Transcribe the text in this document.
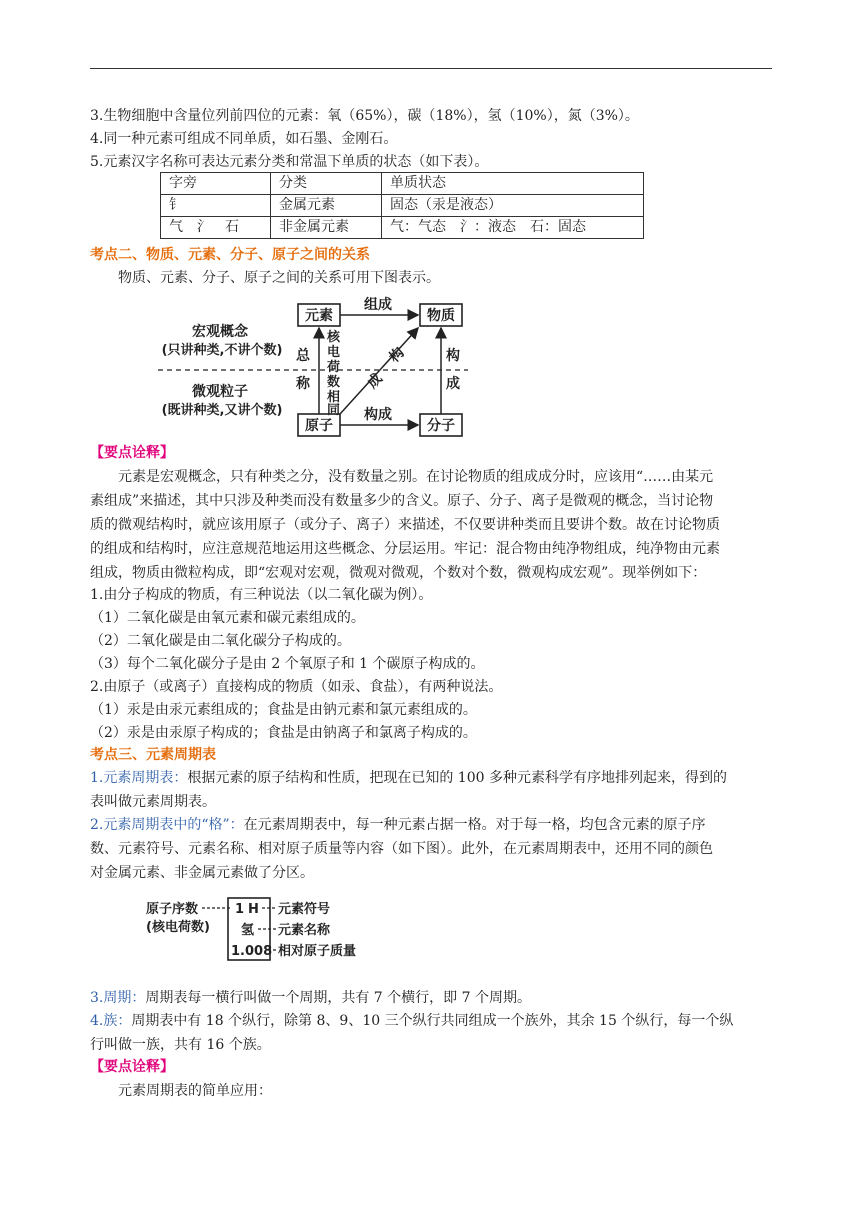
3.生物细胞中含量位列前四位的元素：氧（65%），碳（18%），氢（10%），氮（3%）。
4.同一种元素可组成不同单质，如石墨、金刚石。
5.元素汉字名称可表达元素分类和常温下单质的状态（如下表）。
字旁	分类	单质状态
钅	金属元素	固态（汞是液态）
气　氵　石	非金属元素	气：气态　氵：液态　石：固态
考点二、物质、元素、分子、原子之间的关系
物质、元素、分子、原子之间的关系可用下图表示。
元素	物质
原子	分子
组成
构成
构
成
核
电
荷
数
相
同
总
称
构
成
宏观概念
(只讲种类,不讲个数)
微观粒子
(既讲种类,又讲个数)
【要点诠释】
元素是宏观概念，只有种类之分，没有数量之别。在讨论物质的组成成分时，应该用“……由某元
素组成”来描述，其中只涉及种类而没有数量多少的含义。原子、分子、离子是微观的概念，当讨论物
质的微观结构时，就应该用原子（或分子、离子）来描述，不仅要讲种类而且要讲个数。故在讨论物质
的组成和结构时，应注意规范地运用这些概念、分层运用。牢记：混合物由纯净物组成，纯净物由元素
组成，物质由微粒构成，即“宏观对宏观，微观对微观，个数对个数，微观构成宏观”。现举例如下：
1.由分子构成的物质，有三种说法（以二氧化碳为例）。
（1）二氧化碳是由氧元素和碳元素组成的。
（2）二氧化碳是由二氧化碳分子构成的。
（3）每个二氧化碳分子是由 2 个氧原子和 1 个碳原子构成的。
2.由原子（或离子）直接构成的物质（如汞、食盐），有两种说法。
（1）汞是由汞元素组成的；食盐是由钠元素和氯元素组成的。
（2）汞是由汞原子构成的；食盐是由钠离子和氯离子构成的。
考点三、元素周期表
1.元素周期表：根据元素的原子结构和性质，把现在已知的 100 多种元素科学有序地排列起来，得到的
表叫做元素周期表。
2.元素周期表中的“格”：在元素周期表中，每一种元素占据一格。对于每一格，均包含元素的原子序
数、元素符号、元素名称、相对原子质量等内容（如下图）。此外，在元素周期表中，还用不同的颜色
对金属元素、非金属元素做了分区。
原子序数
(核电荷数)
1 H
氢
1.008
元素符号
元素名称
相对原子质量
3.周期：周期表每一横行叫做一个周期，共有 7 个横行，即 7 个周期。
4.族：周期表中有 18 个纵行，除第 8、9、10 三个纵行共同组成一个族外，其余 15 个纵行，每一个纵
行叫做一族，共有 16 个族。
【要点诠释】
元素周期表的简单应用：
